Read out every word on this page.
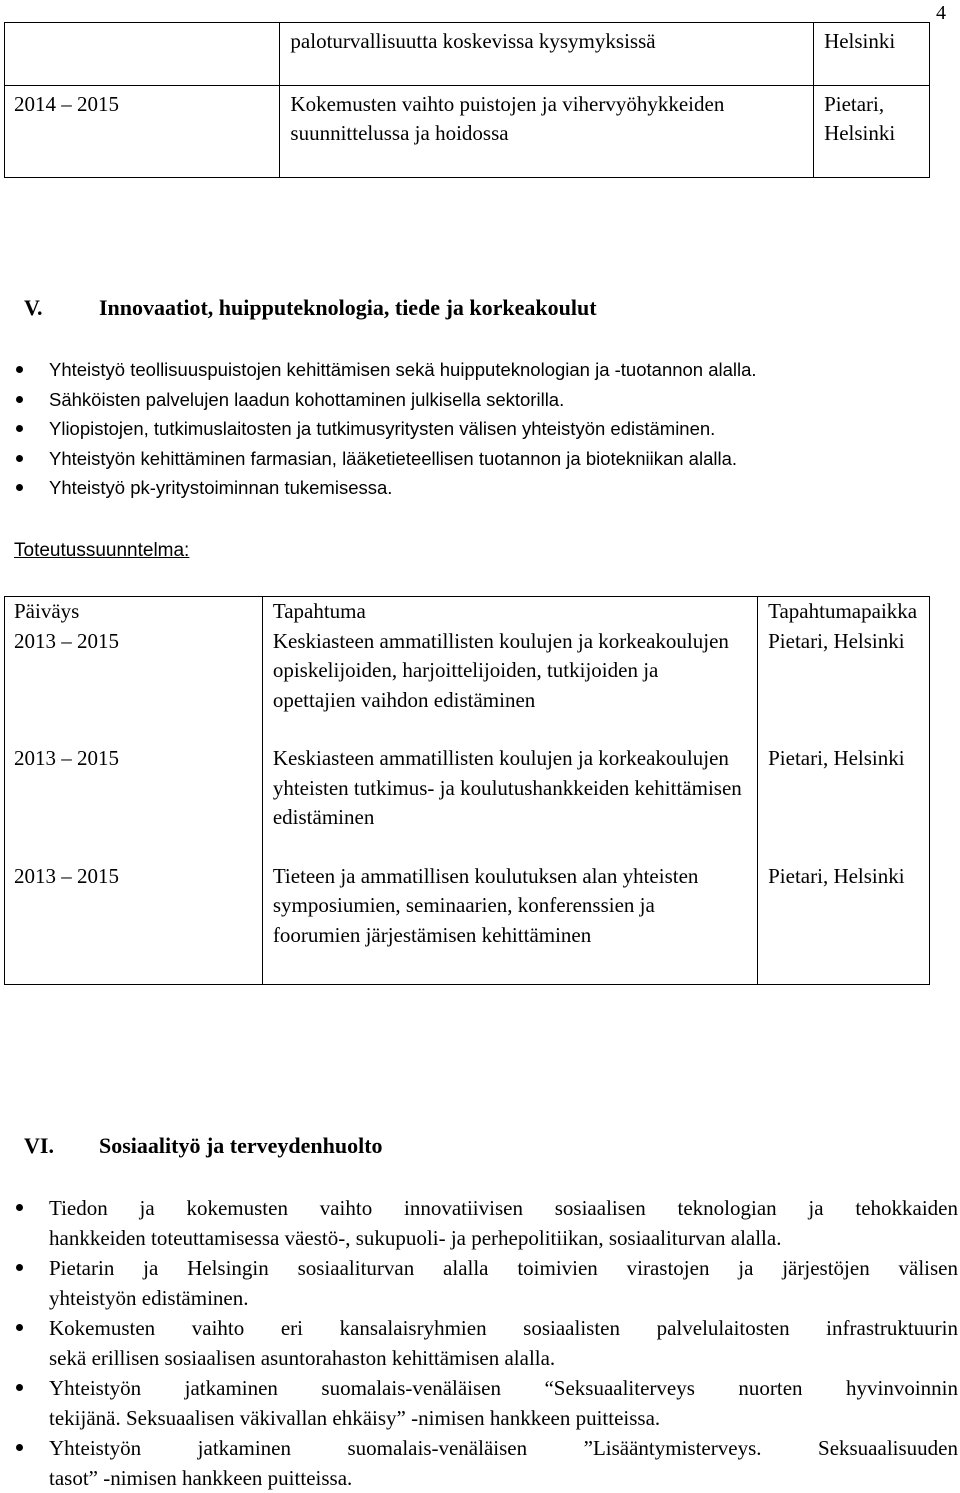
4
	paloturvallisuutta koskevissa kysymyksissä	Helsinki
2014 – 2015	Kokemusten vaihto puistojen ja vihervyöhykkeiden suunnittelussa ja hoidossa	Pietari, Helsinki
V.	Innovaatiot, huipputeknologia, tiede ja korkeakoulut
Yhteistyö teollisuuspuistojen kehittämisen sekä huipputeknologian ja -tuotannon alalla.
Sähköisten palvelujen laadun kohottaminen julkisella sektorilla.
Yliopistojen, tutkimuslaitosten ja tutkimusyritysten välisen yhteistyön edistäminen.
Yhteistyön kehittäminen farmasian, lääketieteellisen tuotannon ja biotekniikan alalla.
Yhteistyö pk-yritystoiminnan tukemisessa.
Toteutussuunntelma:
Päiväys	Tapahtuma	Tapahtumapaikka
2013 – 2015	Keskiasteen ammatillisten koulujen ja korkeakoulujen opiskelijoiden, harjoittelijoiden, tutkijoiden ja opettajien vaihdon edistäminen	Pietari, Helsinki
2013 – 2015	Keskiasteen ammatillisten koulujen ja korkeakoulujen yhteisten tutkimus- ja koulutushankkeiden kehittämisen edistäminen	Pietari, Helsinki
2013 – 2015	Tieteen ja ammatillisen koulutuksen alan yhteisten symposiumien, seminaarien, konferenssien ja foorumien järjestämisen kehittäminen	Pietari, Helsinki
VI. Sosiaalityö ja terveydenhuolto
Tiedon ja kokemusten vaihto innovatiivisen sosiaalisen teknologian ja tehokkaiden
hankkeiden toteuttamisessa väestö-, sukupuoli- ja perhepolitiikan, sosiaaliturvan alalla.
Pietarin ja Helsingin sosiaaliturvan alalla toimivien virastojen ja järjestöjen välisen
yhteistyön edistäminen.
Kokemusten vaihto eri kansalaisryhmien sosiaalisten palvelulaitosten infrastruktuurin
sekä erillisen sosiaalisen asuntorahaston kehittämisen alalla.
Yhteistyön jatkaminen suomalais-venäläisen “Seksuaaliterveys nuorten hyvinvoinnin
tekijänä. Seksuaalisen väkivallan ehkäisy” -nimisen hankkeen puitteissa.
Yhteistyön jatkaminen suomalais-venäläisen ”Lisääntymisterveys. Seksuaalisuuden
tasot” -nimisen hankkeen puitteissa.
